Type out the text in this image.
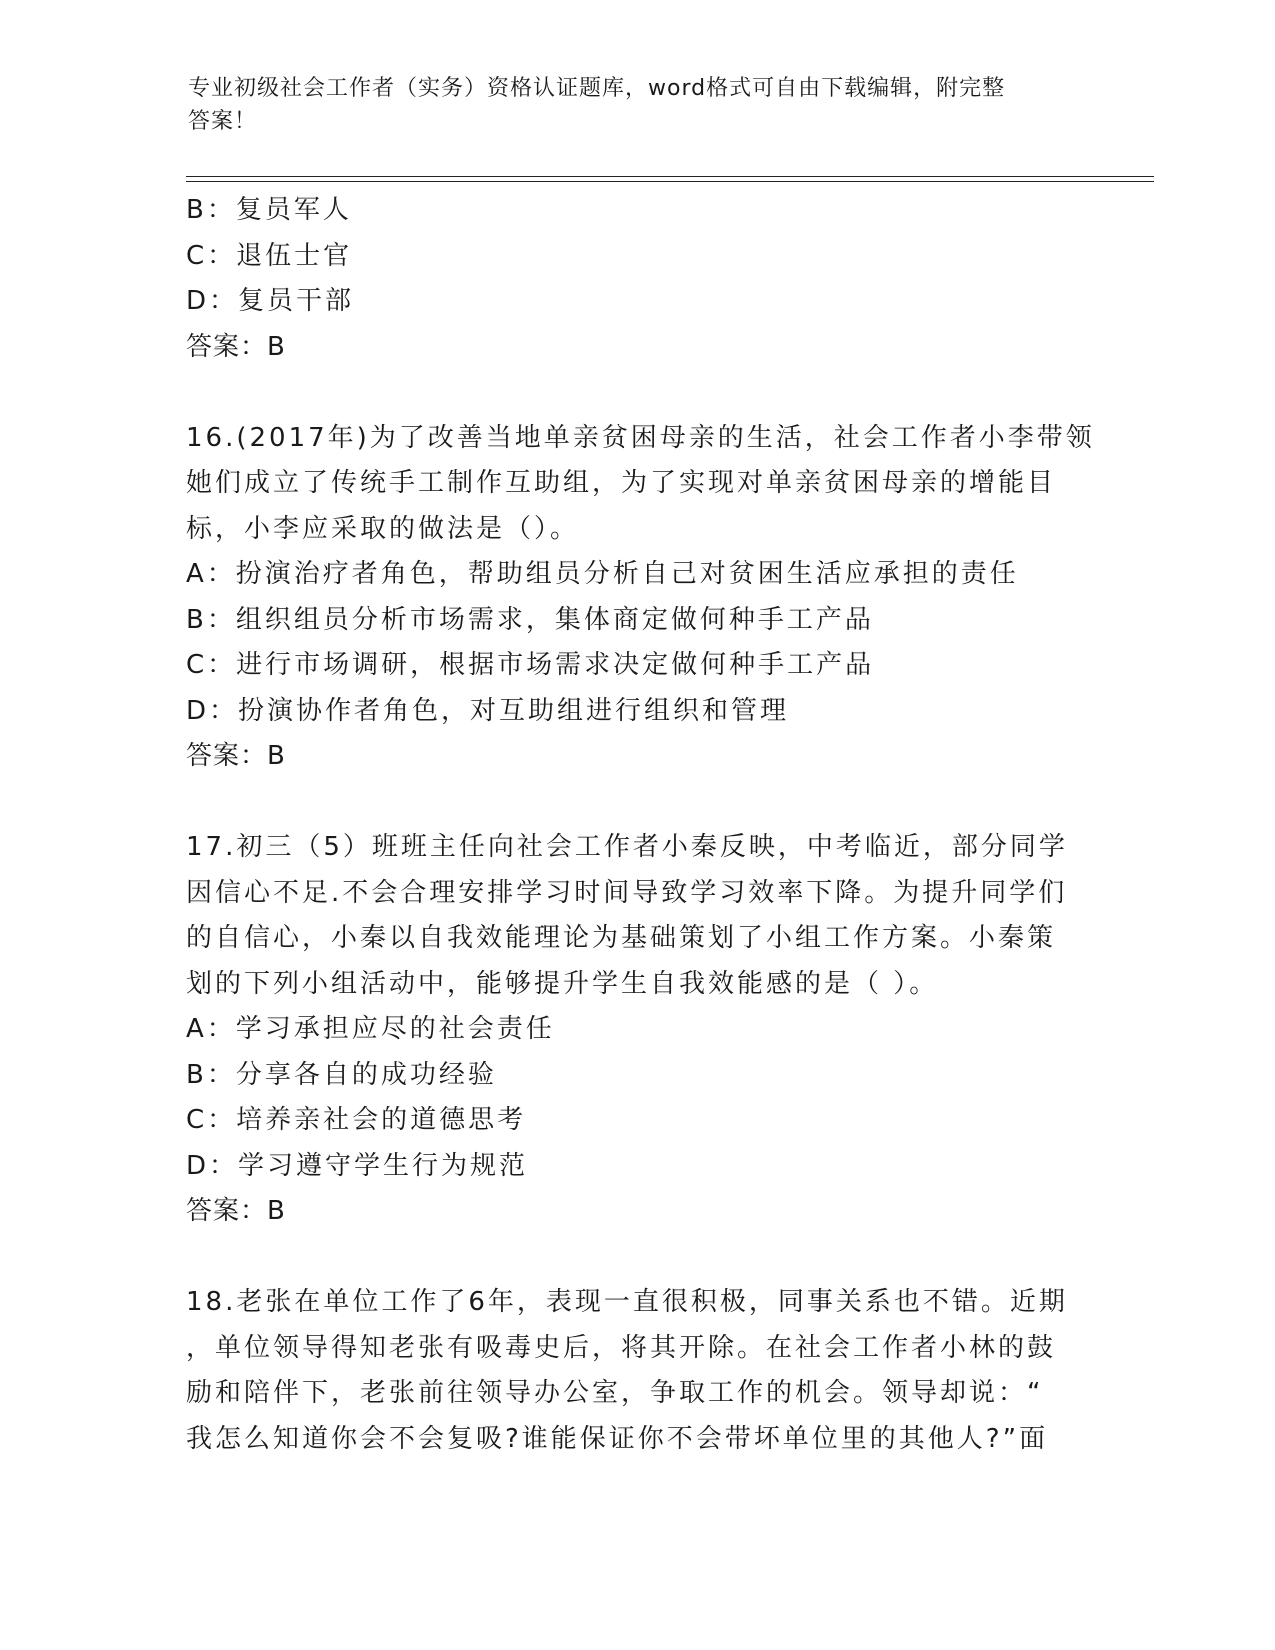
专业初级社会工作者（实务）资格认证题库，word格式可自由下载编辑，附完整
答案！
B：复员军人
C：退伍士官
D：复员干部
答案：B
16.(2017年)为了改善当地单亲贫困母亲的生活，社会工作者小李带领
她们成立了传统手工制作互助组，为了实现对单亲贫困母亲的增能目
标，小李应采取的做法是（）。
A：扮演治疗者角色，帮助组员分析自己对贫困生活应承担的责任
B：组织组员分析市场需求，集体商定做何种手工产品
C：进行市场调研，根据市场需求决定做何种手工产品
D：扮演协作者角色，对互助组进行组织和管理
答案：B
17.初三（5）班班主任向社会工作者小秦反映，中考临近，部分同学
因信心不足.不会合理安排学习时间导致学习效率下降。为提升同学们
的自信心，小秦以自我效能理论为基础策划了小组工作方案。小秦策
划的下列小组活动中，能够提升学生自我效能感的是（ ）。
A：学习承担应尽的社会责任
B：分享各自的成功经验
C：培养亲社会的道德思考
D：学习遵守学生行为规范
答案：B
18.老张在单位工作了6年，表现一直很积极，同事关系也不错。近期
，单位领导得知老张有吸毒史后，将其开除。在社会工作者小林的鼓
励和陪伴下，老张前往领导办公室，争取工作的机会。领导却说：“
我怎么知道你会不会复吸?谁能保证你不会带坏单位里的其他人?”面
